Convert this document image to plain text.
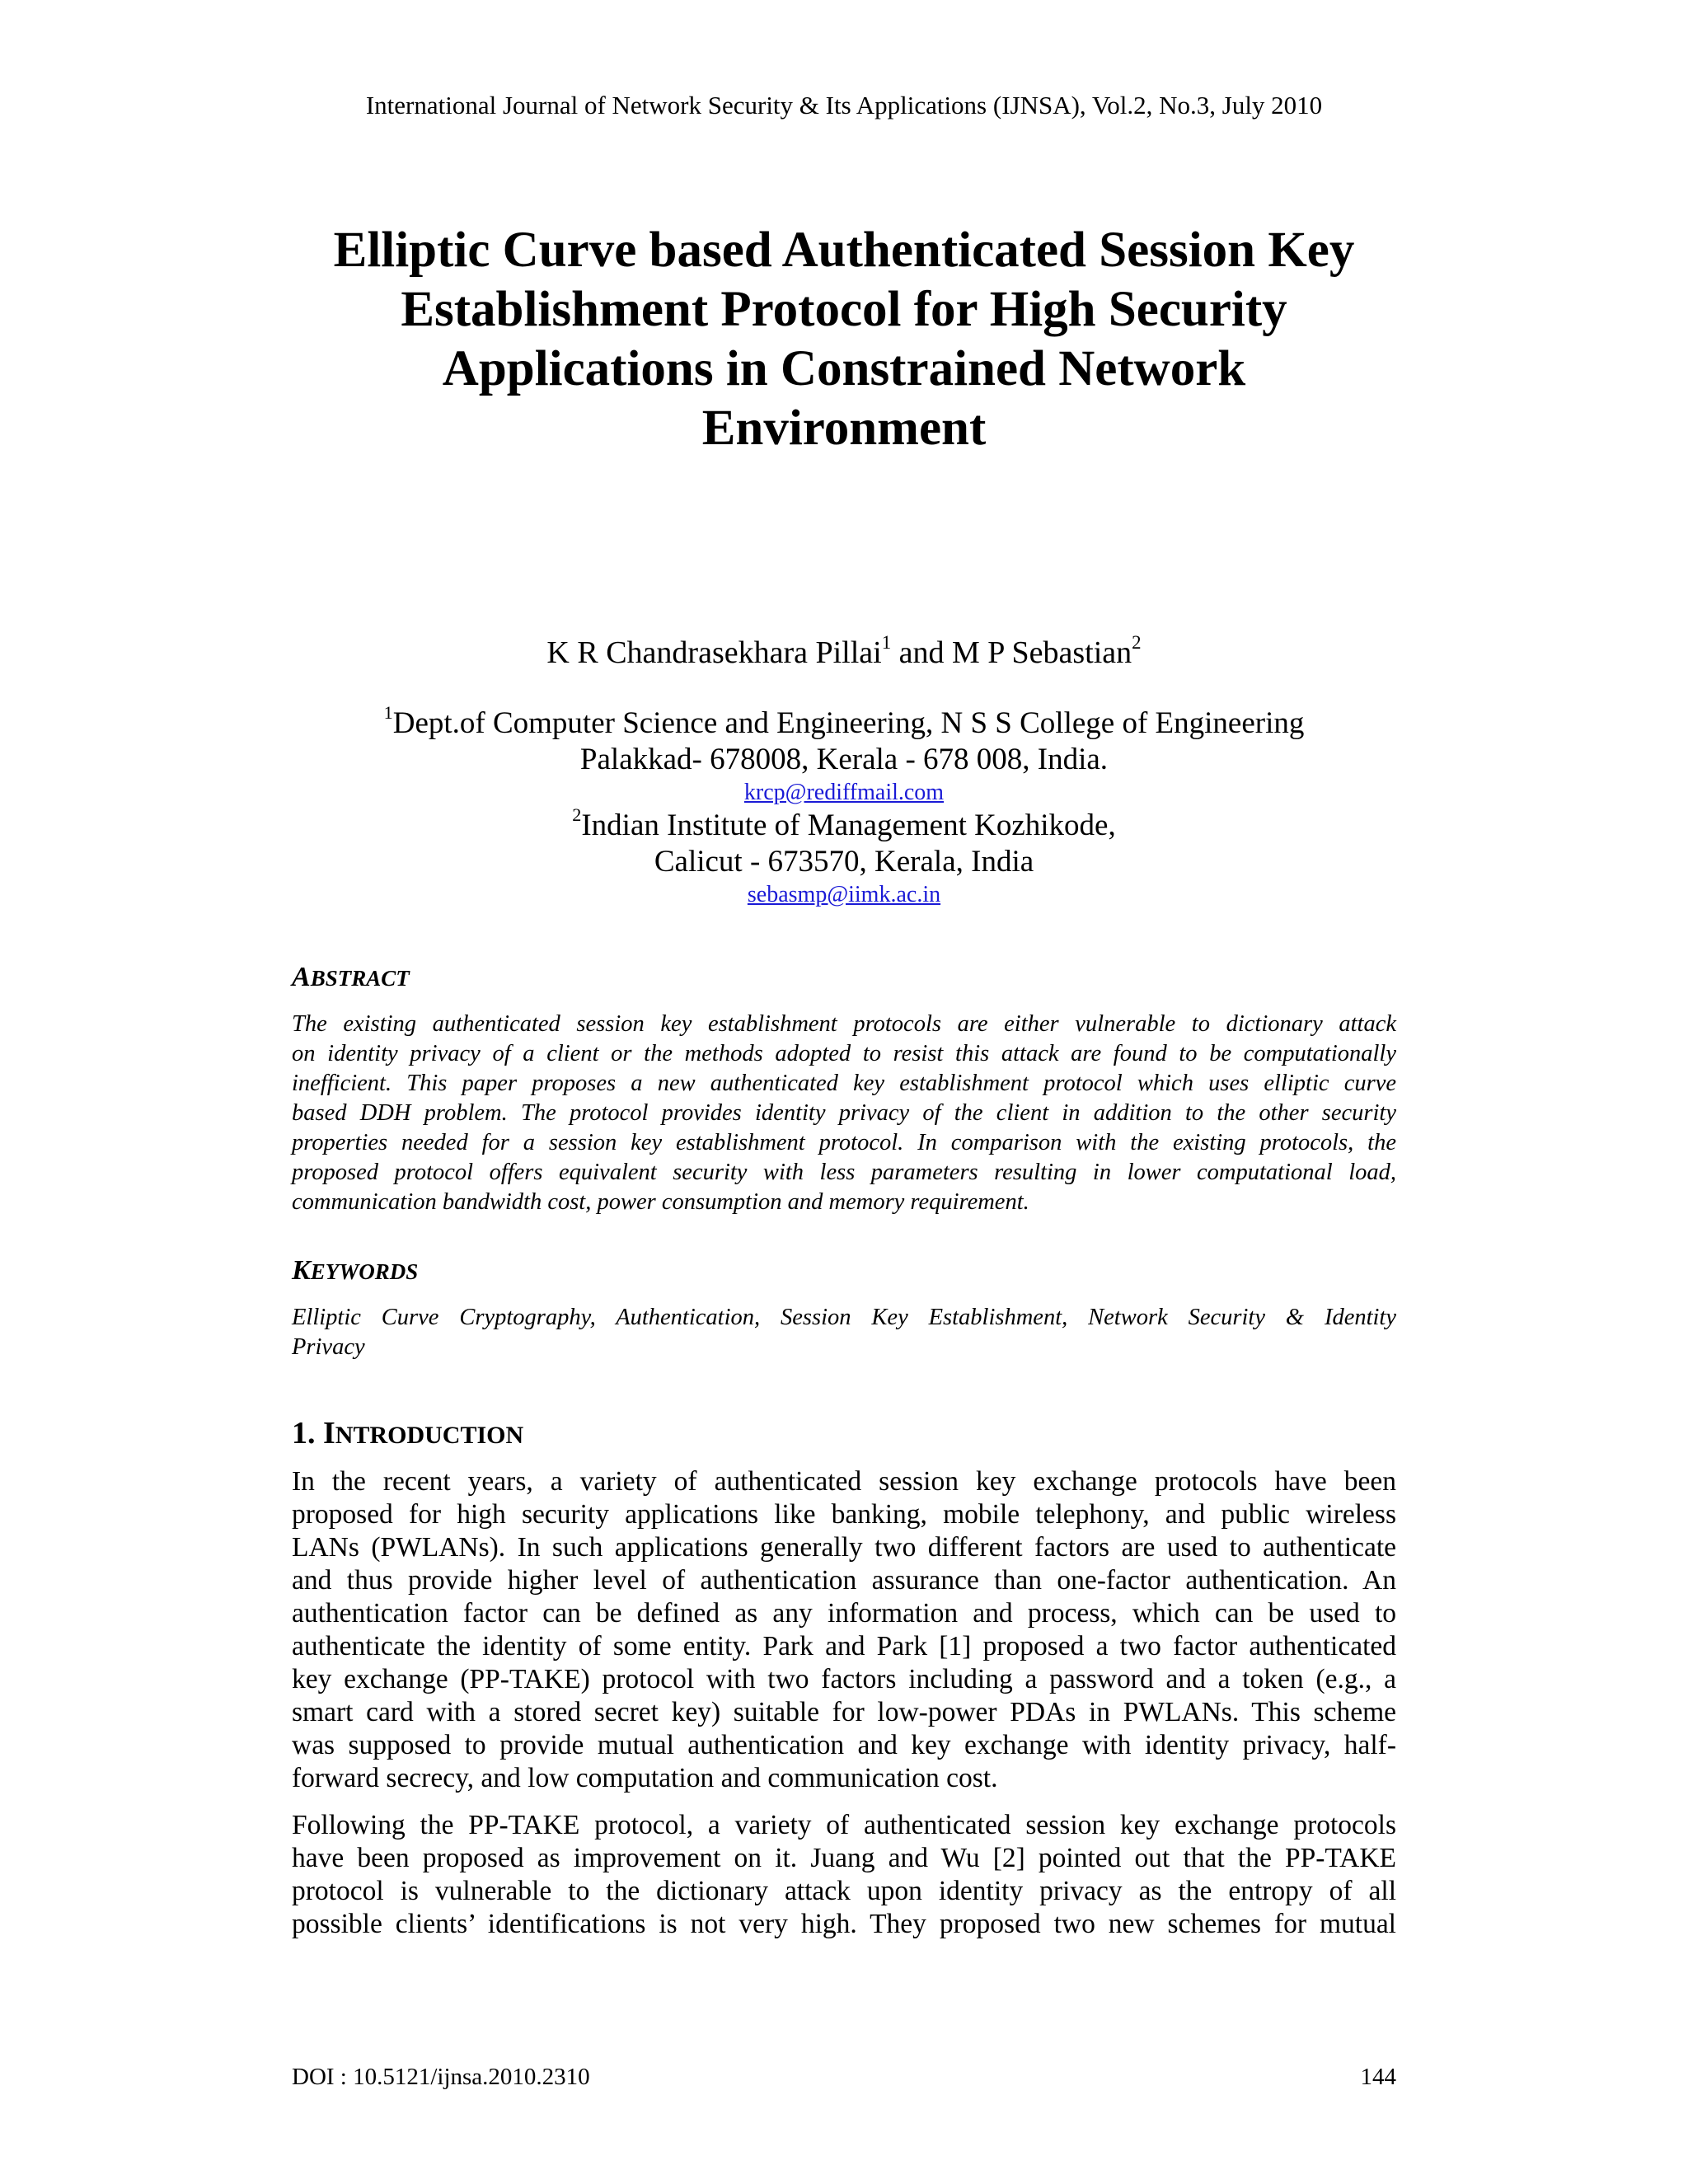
International Journal of Network Security & Its Applications (IJNSA), Vol.2, No.3, July 2010
Elliptic Curve based Authenticated Session Key
Establishment Protocol for High Security
Applications in Constrained Network
Environment
K R Chandrasekhara Pillai$^1$ and M P Sebastian$^2$
$^1$Dept.of Computer Science and Engineering, N S S College of Engineering
Palakkad- 678008, Kerala - 678 008, India.
krcp@rediffmail.com
$^2$Indian Institute of Management Kozhikode,
Calicut - 673570, Kerala, India
sebasmp@iimk.ac.in
ABSTRACT
The existing authenticated session key establishment protocols are either vulnerable to dictionary attack
on identity privacy of a client or the methods adopted to resist this attack are found to be computationally
inefficient. This paper proposes a new authenticated key establishment protocol which uses elliptic curve
based DDH problem. The protocol provides identity privacy of the client in addition to the other security
properties needed for a session key establishment protocol. In comparison with the existing protocols, the
proposed protocol offers equivalent security with less parameters resulting in lower computational load,
communication bandwidth cost, power consumption and memory requirement.
KEYWORDS
Elliptic Curve Cryptography, Authentication, Session Key Establishment, Network Security & Identity
Privacy
1. INTRODUCTION
In the recent years, a variety of authenticated session key exchange protocols have been
proposed for high security applications like banking, mobile telephony, and public wireless
LANs (PWLANs). In such applications generally two different factors are used to authenticate
and thus provide higher level of authentication assurance than one-factor authentication. An
authentication factor can be defined as any information and process, which can be used to
authenticate the identity of some entity. Park and Park [1] proposed a two factor authenticated
key exchange (PP-TAKE) protocol with two factors including a password and a token (e.g., a
smart card with a stored secret key) suitable for low-power PDAs in PWLANs. This scheme
was supposed to provide mutual authentication and key exchange with identity privacy, half-
forward secrecy, and low computation and communication cost.
Following the PP-TAKE protocol, a variety of authenticated session key exchange protocols
have been proposed as improvement on it. Juang and Wu [2] pointed out that the PP-TAKE
protocol is vulnerable to the dictionary attack upon identity privacy as the entropy of all
possible clients’ identifications is not very high. They proposed two new schemes for mutual
DOI : 10.5121/ijnsa.2010.2310	144
